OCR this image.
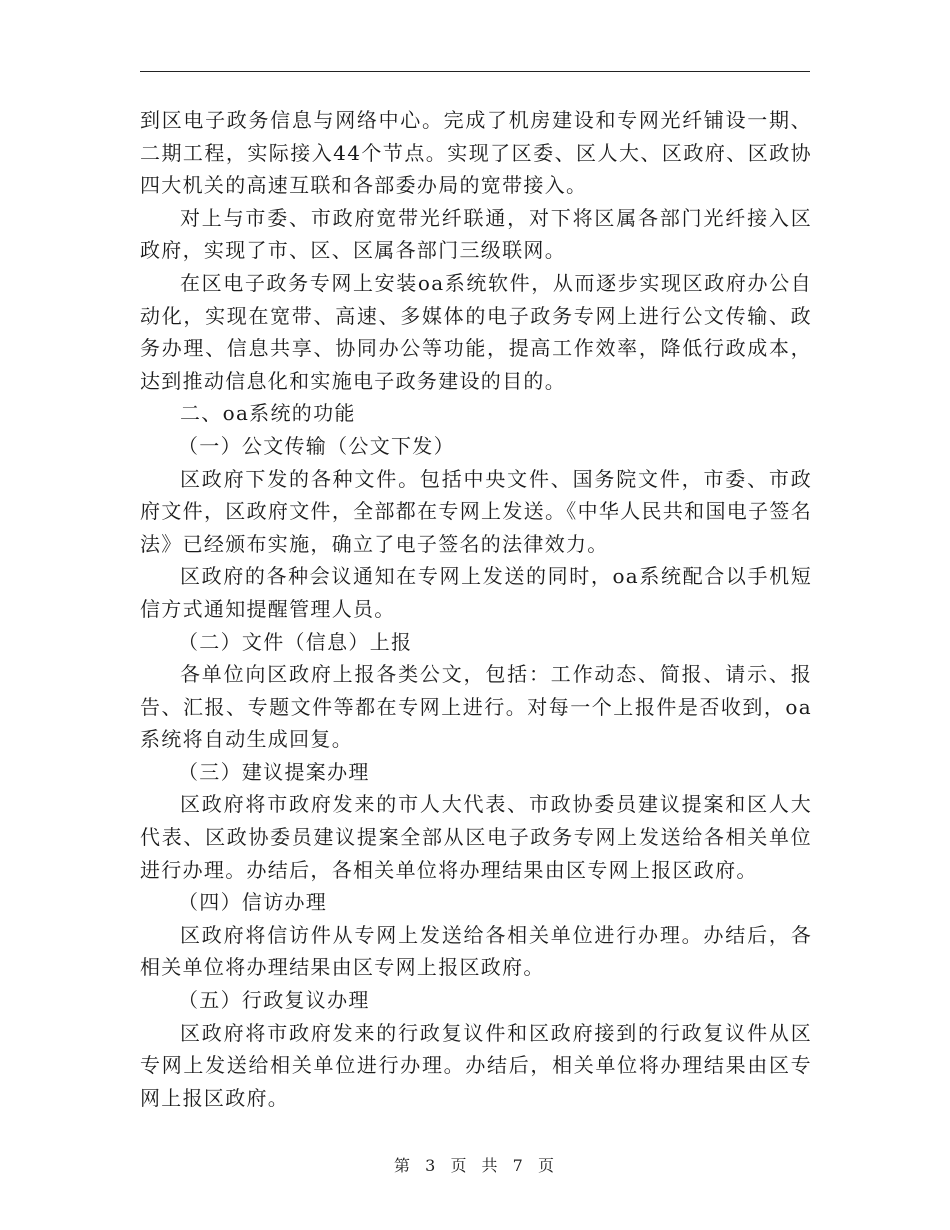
到区电子政务信息与网络中心。完成了机房建设和专网光纤铺设一期、二期工程，实际接入44个节点。实现了区委、区人大、区政府、区政协四大机关的高速互联和各部委办局的宽带接入。

对上与市委、市政府宽带光纤联通，对下将区属各部门光纤接入区政府，实现了市、区、区属各部门三级联网。

在区电子政务专网上安装oa系统软件，从而逐步实现区政府办公自动化，实现在宽带、高速、多媒体的电子政务专网上进行公文传输、政务办理、信息共享、协同办公等功能，提高工作效率，降低行政成本，达到推动信息化和实施电子政务建设的目的。

二、oa系统的功能

（一）公文传输（公文下发）

区政府下发的各种文件。包括中央文件、国务院文件，市委、市政府文件，区政府文件，全部都在专网上发送。《中华人民共和国电子签名法》已经颁布实施，确立了电子签名的法律效力。

区政府的各种会议通知在专网上发送的同时，oa系统配合以手机短信方式通知提醒管理人员。

（二）文件（信息）上报

各单位向区政府上报各类公文，包括：工作动态、简报、请示、报告、汇报、专题文件等都在专网上进行。对每一个上报件是否收到，oa系统将自动生成回复。

（三）建议提案办理

区政府将市政府发来的市人大代表、市政协委员建议提案和区人大代表、区政协委员建议提案全部从区电子政务专网上发送给各相关单位进行办理。办结后，各相关单位将办理结果由区专网上报区政府。

（四）信访办理

区政府将信访件从专网上发送给各相关单位进行办理。办结后，各相关单位将办理结果由区专网上报区政府。

（五）行政复议办理

区政府将市政府发来的行政复议件和区政府接到的行政复议件从区专网上发送给相关单位进行办理。办结后，相关单位将办理结果由区专网上报区政府。

第 3 页 共 7 页
